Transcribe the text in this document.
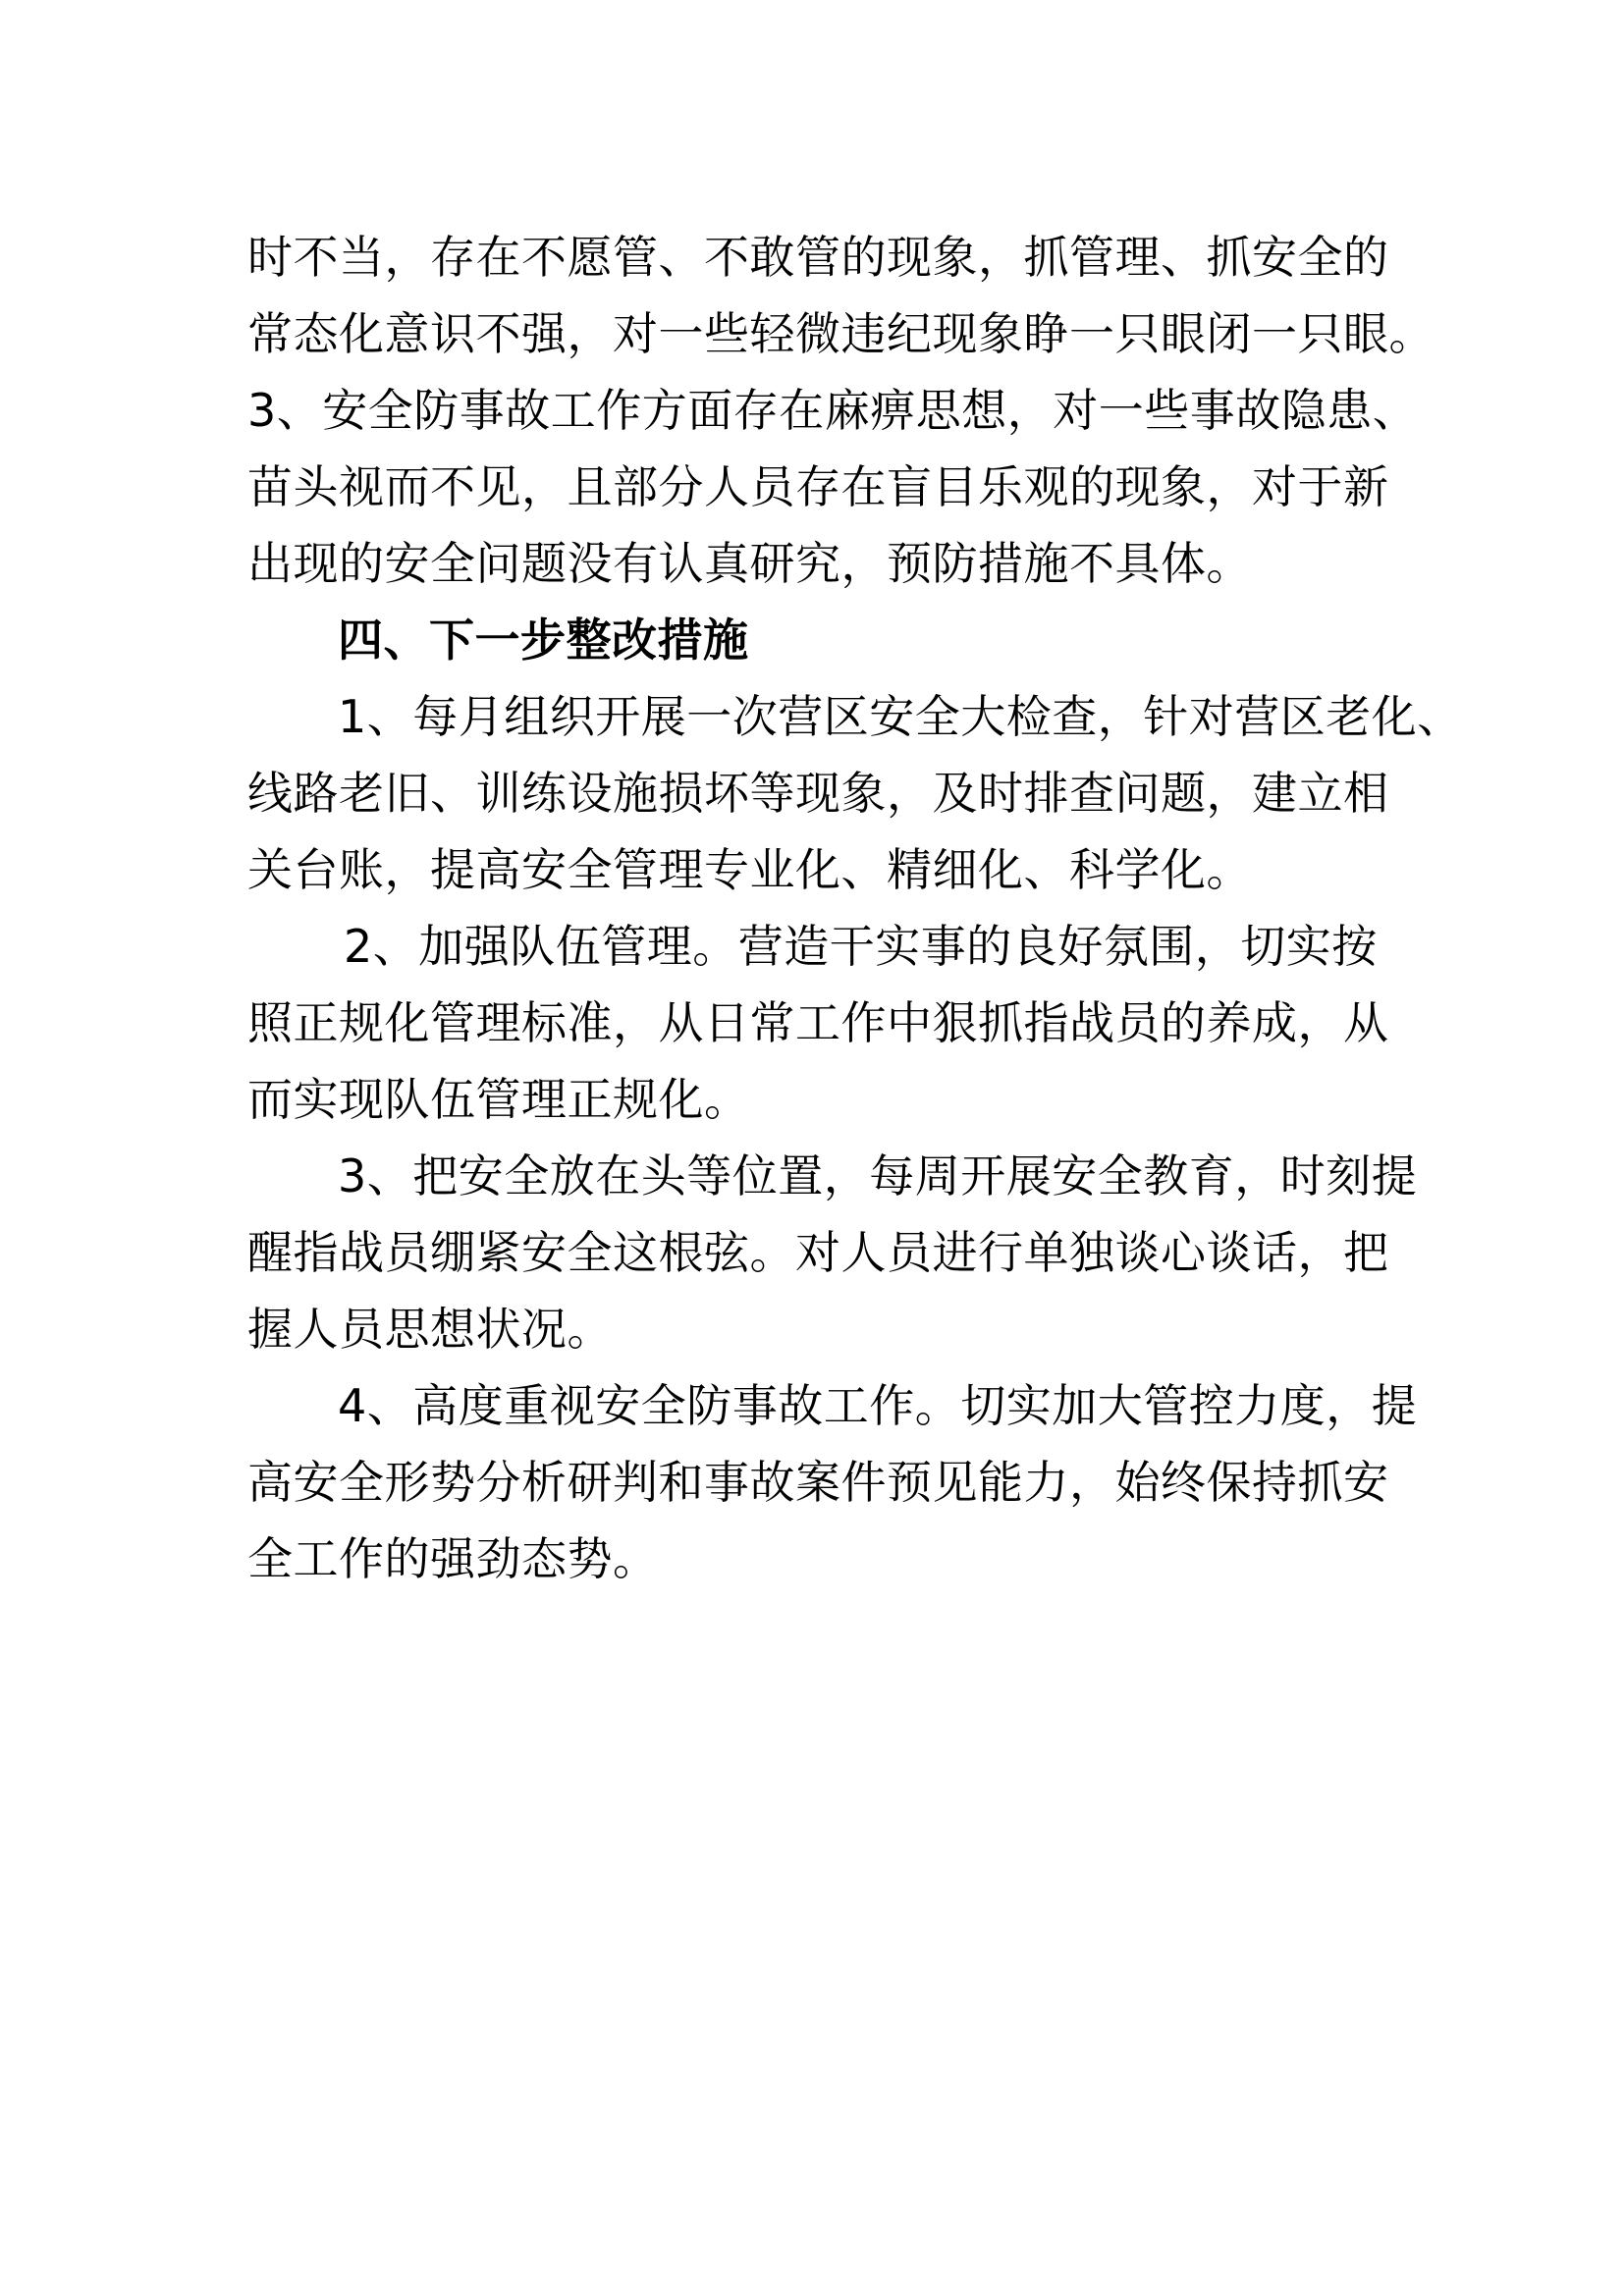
时不当，存在不愿管、不敢管的现象，抓管理、抓安全的
常态化意识不强，对一些轻微违纪现象睁一只眼闭一只眼。
3、安全防事故工作方面存在麻痹思想，对一些事故隐患、
苗头视而不见，且部分人员存在盲目乐观的现象，对于新
出现的安全问题没有认真研究，预防措施不具体。
四、下一步整改措施
1、每月组织开展一次营区安全大检查，针对营区老化、
线路老旧、训练设施损坏等现象，及时排查问题，建立相
关台账，提高安全管理专业化、精细化、科学化。
2、加强队伍管理。营造干实事的良好氛围，切实按
照正规化管理标准，从日常工作中狠抓指战员的养成，从
而实现队伍管理正规化。
3、把安全放在头等位置，每周开展安全教育，时刻提
醒指战员绷紧安全这根弦。对人员进行单独谈心谈话，把
握人员思想状况。
4、高度重视安全防事故工作。切实加大管控力度，提
高安全形势分析研判和事故案件预见能力，始终保持抓安
全工作的强劲态势。
